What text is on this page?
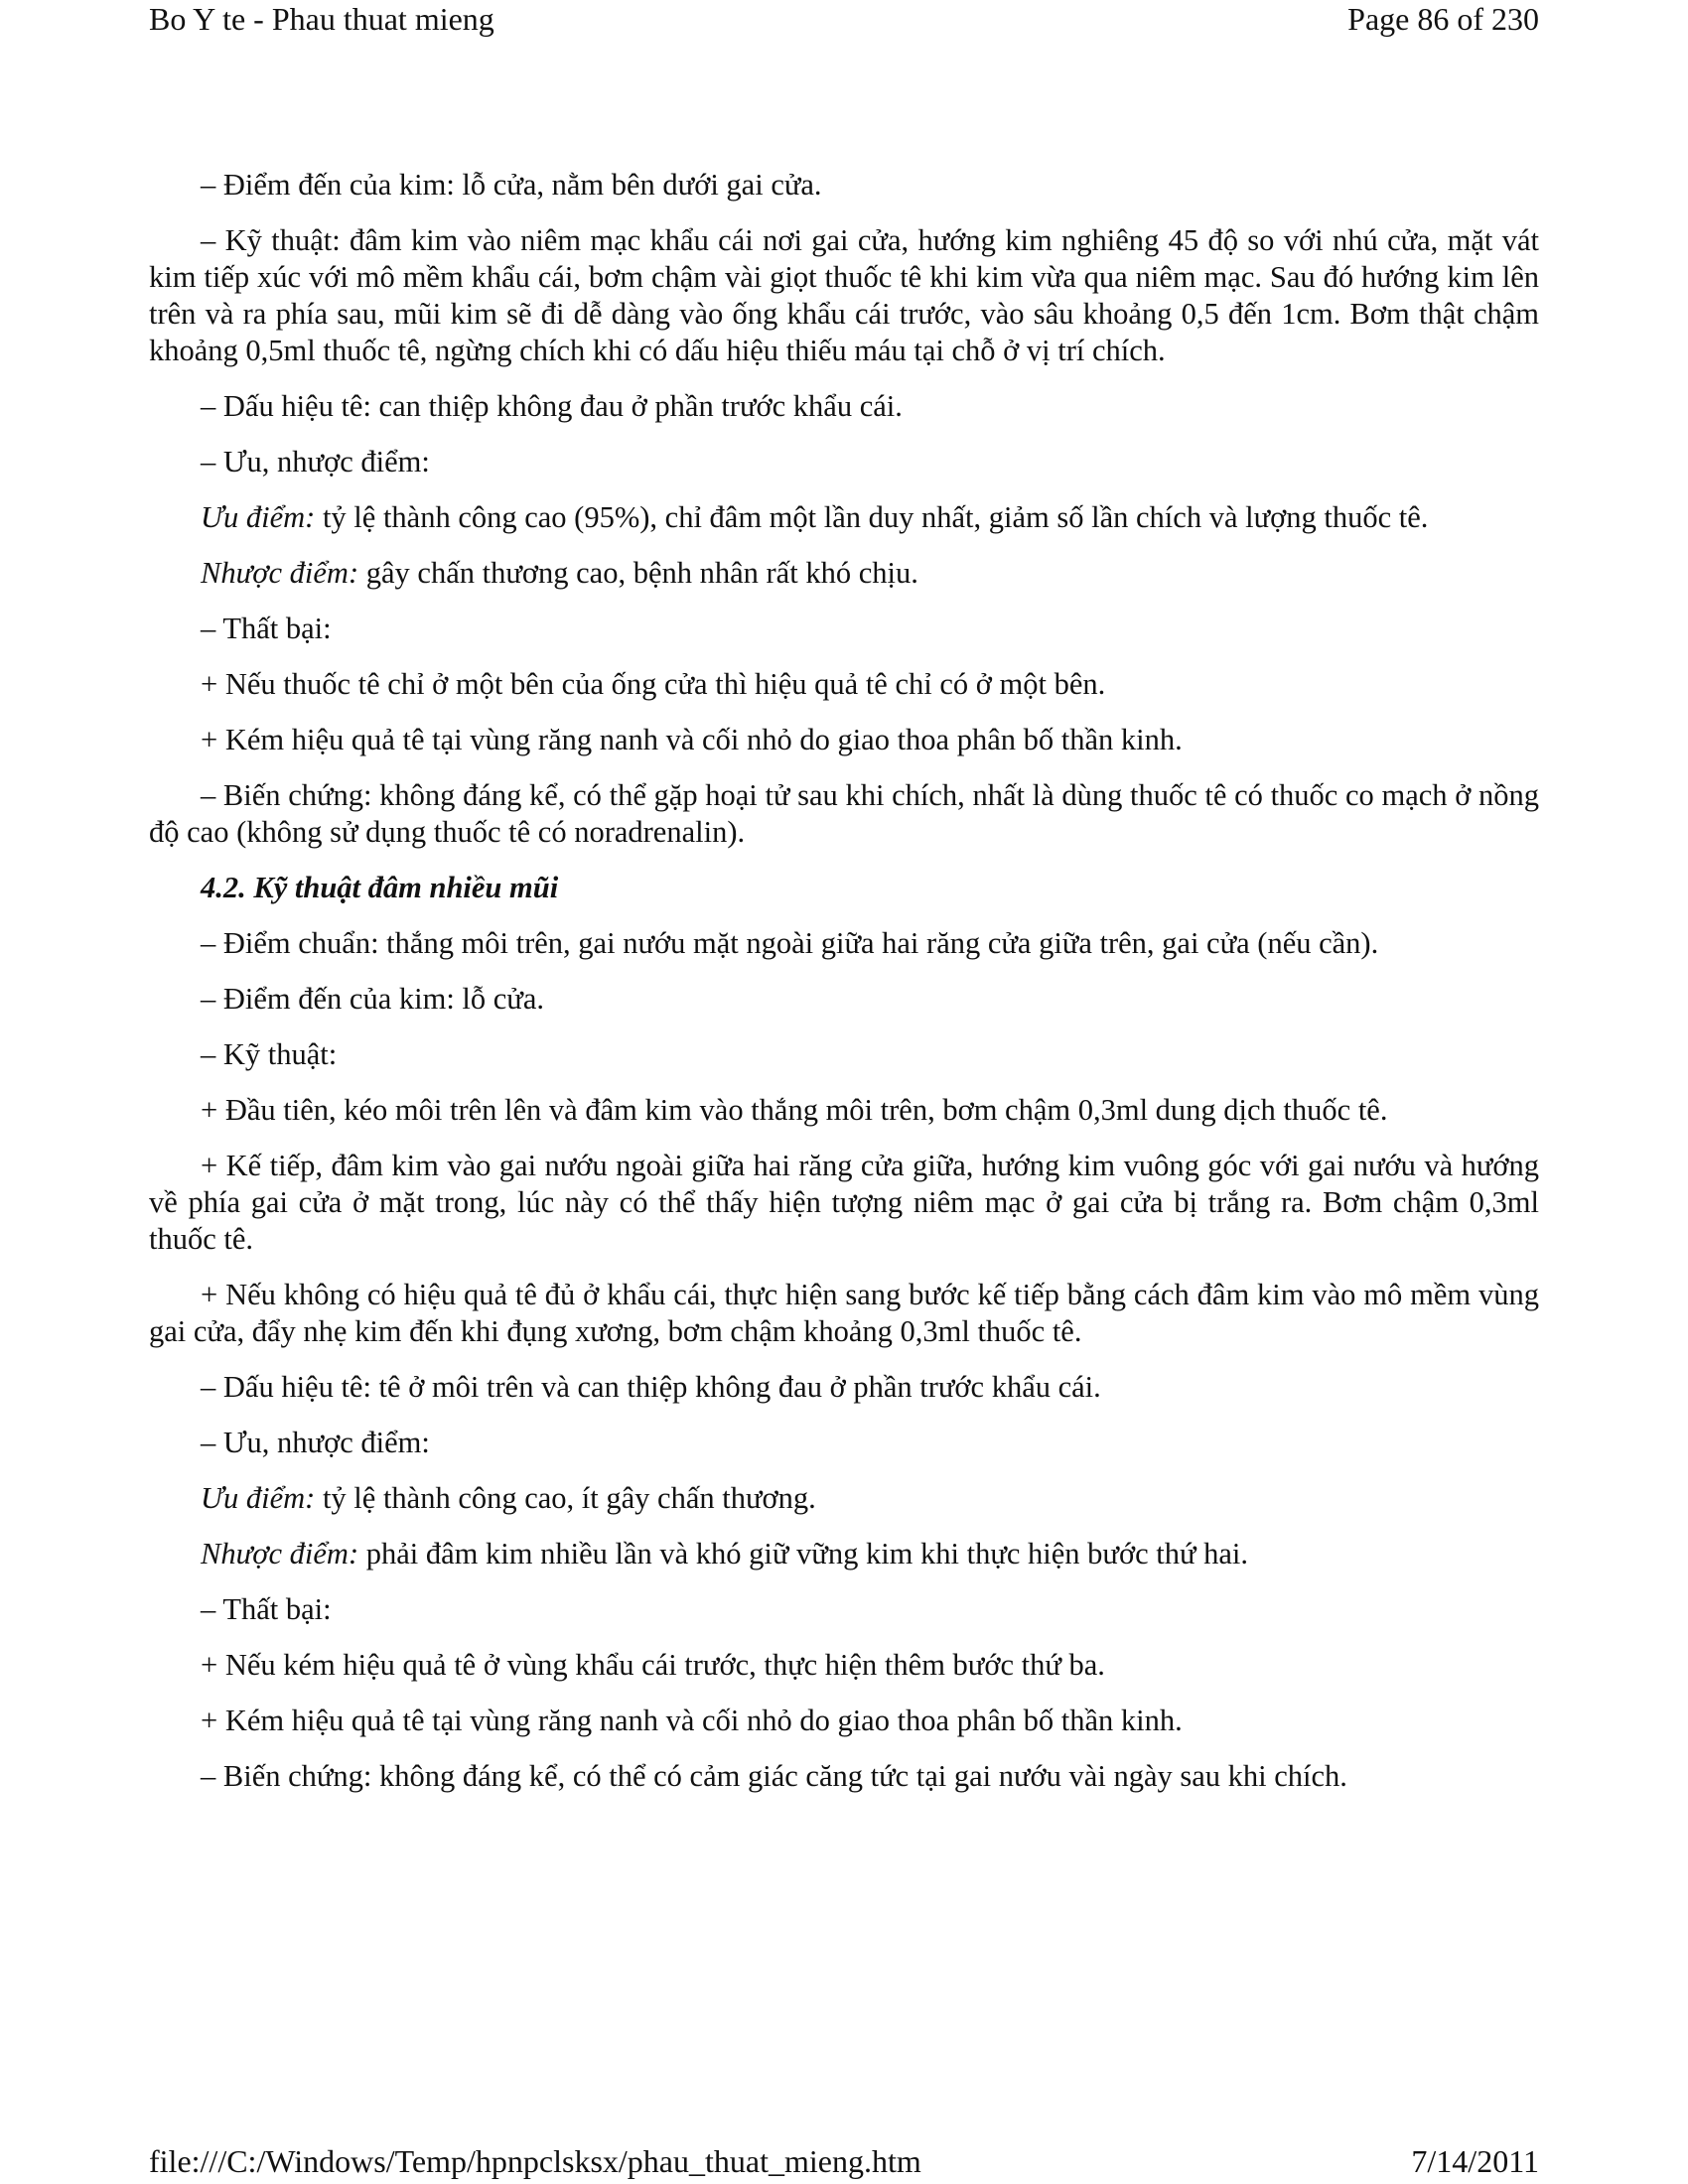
Bo Y te - Phau thuat mieng	Page 86 of 230

– Điểm đến của kim: lỗ cửa, nằm bên dưới gai cửa.

– Kỹ thuật: đâm kim vào niêm mạc khẩu cái nơi gai cửa, hướng kim nghiêng 45 độ so với nhú cửa, mặt vát kim tiếp xúc với mô mềm khẩu cái, bơm chậm vài giọt thuốc tê khi kim vừa qua niêm mạc. Sau đó hướng kim lên trên và ra phía sau, mũi kim sẽ đi dễ dàng vào ống khẩu cái trước, vào sâu khoảng 0,5 đến 1cm. Bơm thật chậm khoảng 0,5ml thuốc tê, ngừng chích khi có dấu hiệu thiếu máu tại chỗ ở vị trí chích.

– Dấu hiệu tê: can thiệp không đau ở phần trước khẩu cái.

– Ưu, nhược điểm:

Ưu điểm: tỷ lệ thành công cao (95%), chỉ đâm một lần duy nhất, giảm số lần chích và lượng thuốc tê.

Nhược điểm: gây chấn thương cao, bệnh nhân rất khó chịu.

– Thất bại:

+ Nếu thuốc tê chỉ ở một bên của ống cửa thì hiệu quả tê chỉ có ở một bên.

+ Kém hiệu quả tê tại vùng răng nanh và cối nhỏ do giao thoa phân bố thần kinh.

– Biến chứng: không đáng kể, có thể gặp hoại tử sau khi chích, nhất là dùng thuốc tê có thuốc co mạch ở nồng độ cao (không sử dụng thuốc tê có noradrenalin).

4.2. Kỹ thuật đâm nhiều mũi

– Điểm chuẩn: thắng môi trên, gai nướu mặt ngoài giữa hai răng cửa giữa trên, gai cửa (nếu cần).

– Điểm đến của kim: lỗ cửa.

– Kỹ thuật:

+ Đầu tiên, kéo môi trên lên và đâm kim vào thắng môi trên, bơm chậm 0,3ml dung dịch thuốc tê.

+ Kế tiếp, đâm kim vào gai nướu ngoài giữa hai răng cửa giữa, hướng kim vuông góc với gai nướu và hướng về phía gai cửa ở mặt trong, lúc này có thể thấy hiện tượng niêm mạc ở gai cửa bị trắng ra. Bơm chậm 0,3ml thuốc tê.

+ Nếu không có hiệu quả tê đủ ở khẩu cái, thực hiện sang bước kế tiếp bằng cách đâm kim vào mô mềm vùng gai cửa, đẩy nhẹ kim đến khi đụng xương, bơm chậm khoảng 0,3ml thuốc tê.

– Dấu hiệu tê: tê ở môi trên và can thiệp không đau ở phần trước khẩu cái.

– Ưu, nhược điểm:

Ưu điểm: tỷ lệ thành công cao, ít gây chấn thương.

Nhược điểm: phải đâm kim nhiều lần và khó giữ vững kim khi thực hiện bước thứ hai.

– Thất bại:

+ Nếu kém hiệu quả tê ở vùng khẩu cái trước, thực hiện thêm bước thứ ba.

+ Kém hiệu quả tê tại vùng răng nanh và cối nhỏ do giao thoa phân bố thần kinh.

– Biến chứng: không đáng kể, có thể có cảm giác căng tức tại gai nướu vài ngày sau khi chích.

file:///C:/Windows/Temp/hpnpclsksx/phau_thuat_mieng.htm	7/14/2011
